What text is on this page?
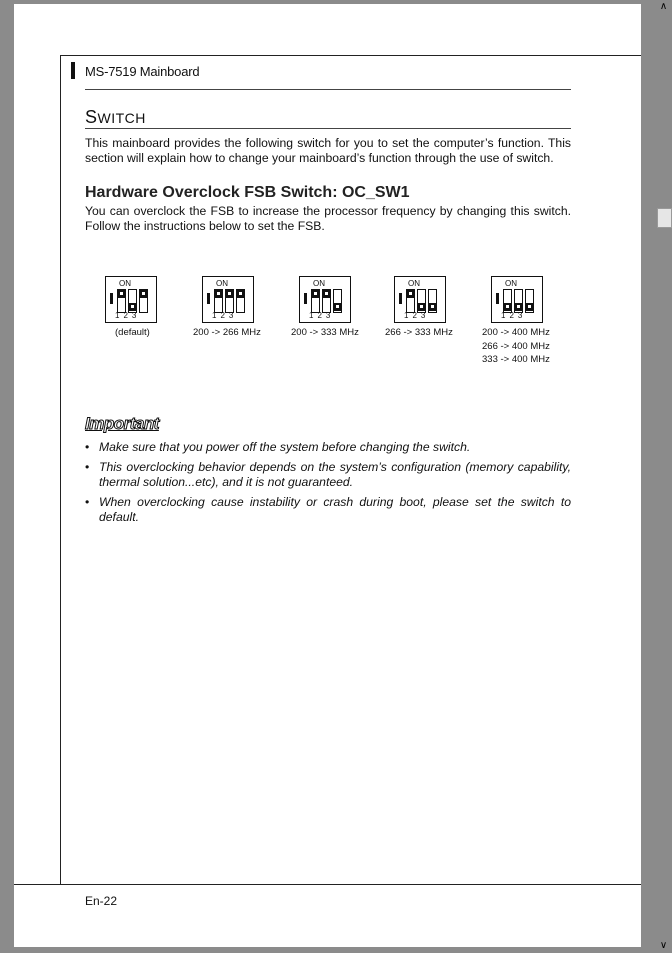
MS-7519 Mainboard
SWITCH
This mainboard provides the following switch for you to set the computer’s function. This section will explain how to change your mainboard’s function through the use of switch.
Hardware Overclock FSB Switch: OC_SW1
You can overclock the FSB to increase the processor frequency by changing this switch. Follow the instructions below to set the FSB.
ON
123
(default)
ON
123
200 -> 266 MHz
ON
123
200 -> 333 MHz
ON
123
266 -> 333 MHz
ON
123
200 -> 400 MHz
266 -> 400 MHz
333 -> 400 MHz
Important
• Make sure that you power off the system before changing the switch.
• This overclocking behavior depends on the system’s configuration (memory capability, thermal solution...etc), and it is not guaranteed.
• When overclocking cause instability or crash during boot, please set the switch to default.
En-22
∧
∨
